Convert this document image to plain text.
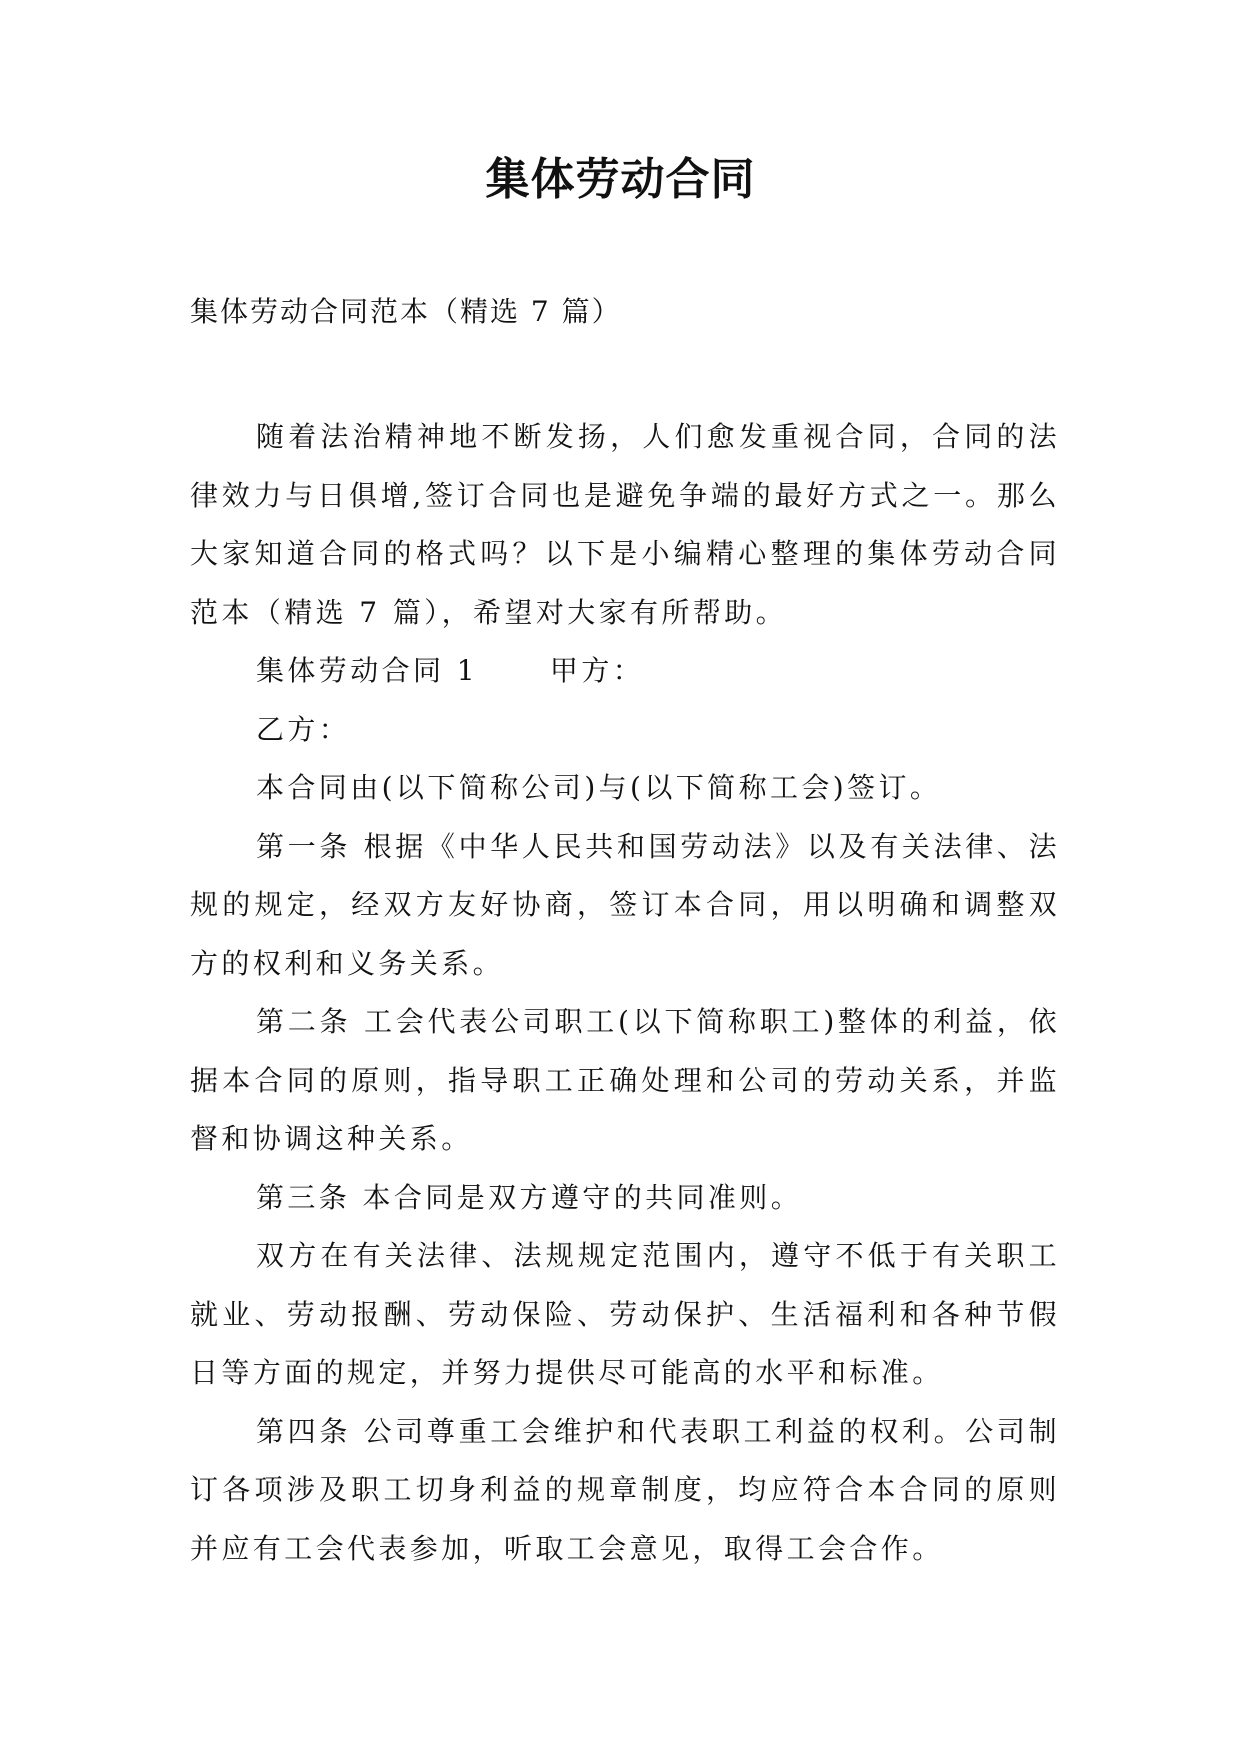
集体劳动合同

集体劳动合同范本（精选 7 篇）

随着法治精神地不断发扬，人们愈发重视合同，合同的法律效力与日俱增,签订合同也是避免争端的最好方式之一。那么大家知道合同的格式吗？以下是小编精心整理的集体劳动合同范本（精选 7 篇），希望对大家有所帮助。

集体劳动合同 1	甲方：

乙方：

本合同由(以下简称公司)与(以下简称工会)签订。

第一条 根据《中华人民共和国劳动法》以及有关法律、法规的规定，经双方友好协商，签订本合同，用以明确和调整双方的权利和义务关系。

第二条 工会代表公司职工(以下简称职工)整体的利益，依据本合同的原则，指导职工正确处理和公司的劳动关系，并监督和协调这种关系。

第三条 本合同是双方遵守的共同准则。

双方在有关法律、法规规定范围内，遵守不低于有关职工就业、劳动报酬、劳动保险、劳动保护、生活福利和各种节假日等方面的规定，并努力提供尽可能高的水平和标准。

第四条 公司尊重工会维护和代表职工利益的权利。公司制订各项涉及职工切身利益的规章制度，均应符合本合同的原则并应有工会代表参加，听取工会意见，取得工会合作。
